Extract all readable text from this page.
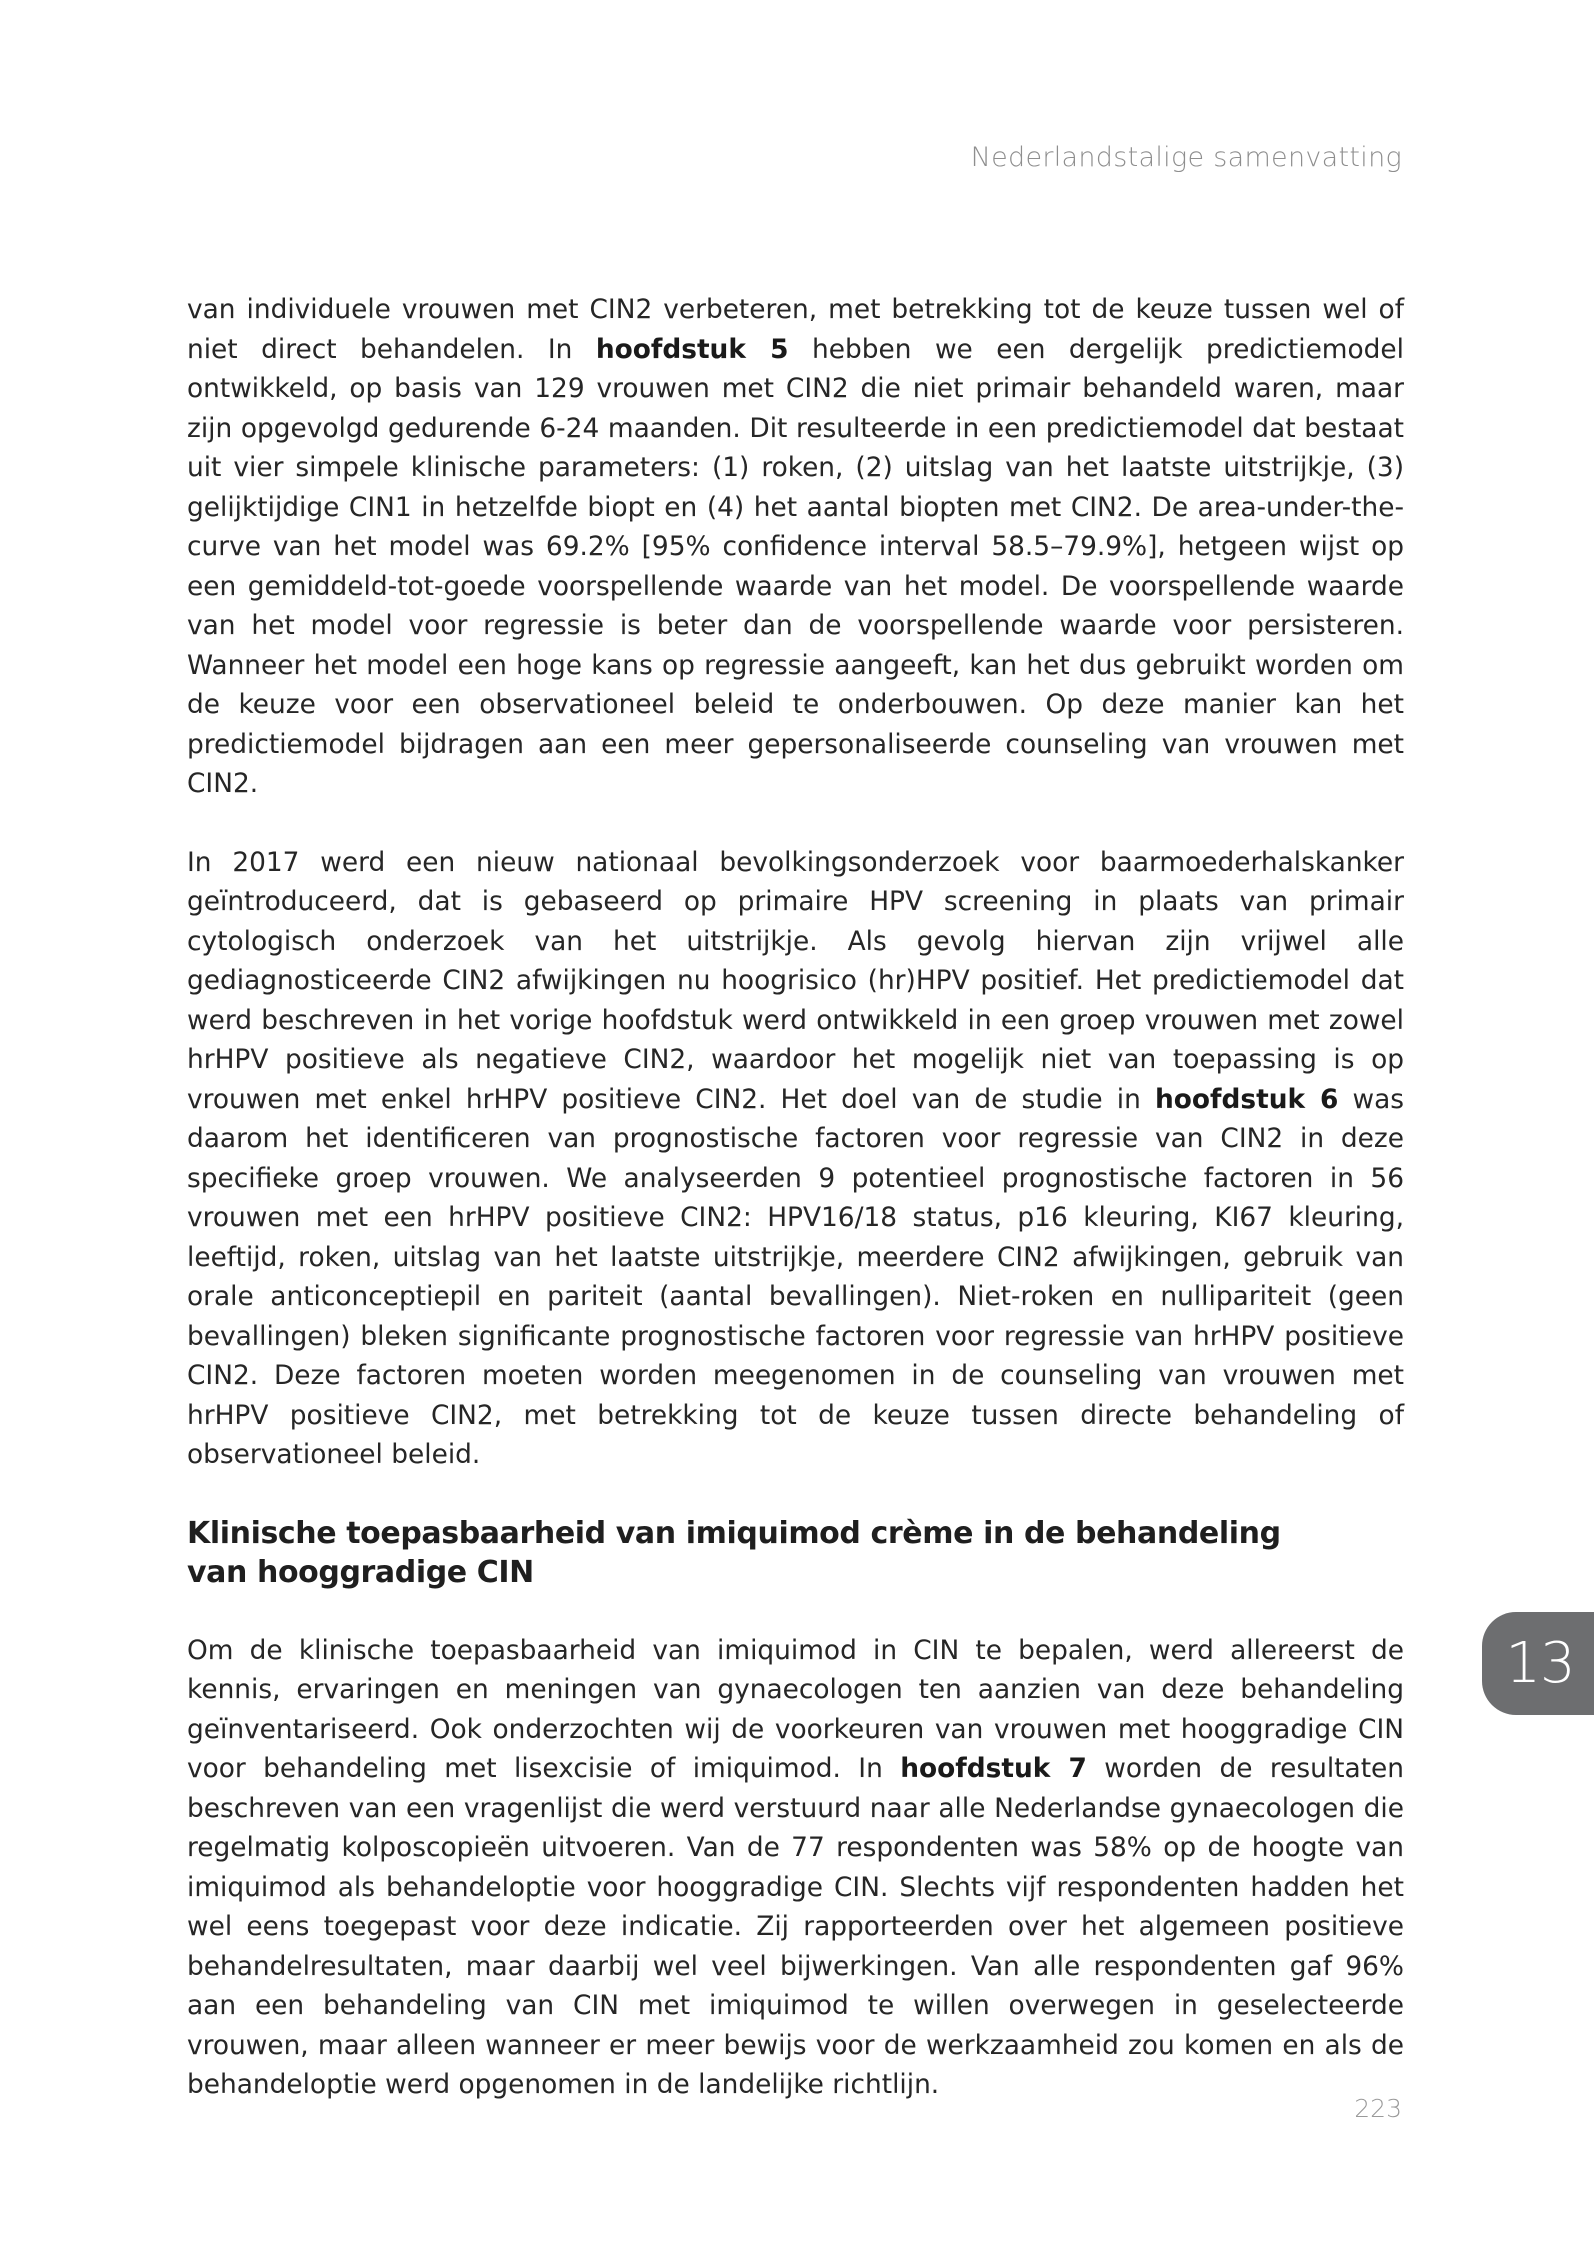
Nederlandstalige samenvatting

van individuele vrouwen met CIN2 verbeteren, met betrekking tot de keuze tussen wel of niet direct behandelen. In hoofdstuk 5 hebben we een dergelijk predictiemodel ontwikkeld, op basis van 129 vrouwen met CIN2 die niet primair behandeld waren, maar zijn opgevolgd gedurende 6-24 maanden. Dit resulteerde in een predictiemodel dat bestaat uit vier simpele klinische parameters: (1) roken, (2) uitslag van het laatste uitstrijkje, (3) gelijktijdige CIN1 in hetzelfde biopt en (4) het aantal biopten met CIN2. De area-under-the-curve van het model was 69.2% [95% confidence interval 58.5–79.9%], hetgeen wijst op een gemiddeld-tot-goede voorspellende waarde van het model. De voorspellende waarde van het model voor regressie is beter dan de voorspellende waarde voor persisteren. Wanneer het model een hoge kans op regressie aangeeft, kan het dus gebruikt worden om de keuze voor een observationeel beleid te onderbouwen. Op deze manier kan het predictiemodel bijdragen aan een meer gepersonaliseerde counseling van vrouwen met CIN2.

In 2017 werd een nieuw nationaal bevolkingsonderzoek voor baarmoederhalskanker geïntroduceerd, dat is gebaseerd op primaire HPV screening in plaats van primair cytologisch onderzoek van het uitstrijkje. Als gevolg hiervan zijn vrijwel alle gediagnosticeerde CIN2 afwijkingen nu hoogrisico (hr)HPV positief. Het predictiemodel dat werd beschreven in het vorige hoofdstuk werd ontwikkeld in een groep vrouwen met zowel hrHPV positieve als negatieve CIN2, waardoor het mogelijk niet van toepassing is op vrouwen met enkel hrHPV positieve CIN2. Het doel van de studie in hoofdstuk 6 was daarom het identificeren van prognostische factoren voor regressie van CIN2 in deze specifieke groep vrouwen. We analyseerden 9 potentieel prognostische factoren in 56 vrouwen met een hrHPV positieve CIN2: HPV16/18 status, p16 kleuring, KI67 kleuring, leeftijd, roken, uitslag van het laatste uitstrijkje, meerdere CIN2 afwijkingen, gebruik van orale anticonceptiepil en pariteit (aantal bevallingen). Niet-roken en nullipariteit (geen bevallingen) bleken significante prognostische factoren voor regressie van hrHPV positieve CIN2. Deze factoren moeten worden meegenomen in de counseling van vrouwen met hrHPV positieve CIN2, met betrekking tot de keuze tussen directe behandeling of observationeel beleid.

Klinische toepasbaarheid van imiquimod crème in de behandeling
van hooggradige CIN

Om de klinische toepasbaarheid van imiquimod in CIN te bepalen, werd allereerst de kennis, ervaringen en meningen van gynaecologen ten aanzien van deze behandeling geïnventariseerd. Ook onderzochten wij de voorkeuren van vrouwen met hooggradige CIN voor behandeling met lisexcisie of imiquimod. In hoofdstuk 7 worden de resultaten beschreven van een vragenlijst die werd verstuurd naar alle Nederlandse gynaecologen die regelmatig kolposcopieën uitvoeren. Van de 77 respondenten was 58% op de hoogte van imiquimod als behandeloptie voor hooggradige CIN. Slechts vijf respondenten hadden het wel eens toegepast voor deze indicatie. Zij rapporteerden over het algemeen positieve behandelresultaten, maar daarbij wel veel bijwerkingen. Van alle respondenten gaf 96% aan een behandeling van CIN met imiquimod te willen overwegen in geselecteerde vrouwen, maar alleen wanneer er meer bewijs voor de werkzaamheid zou komen en als de behandeloptie werd opgenomen in de landelijke richtlijn.

13
223
